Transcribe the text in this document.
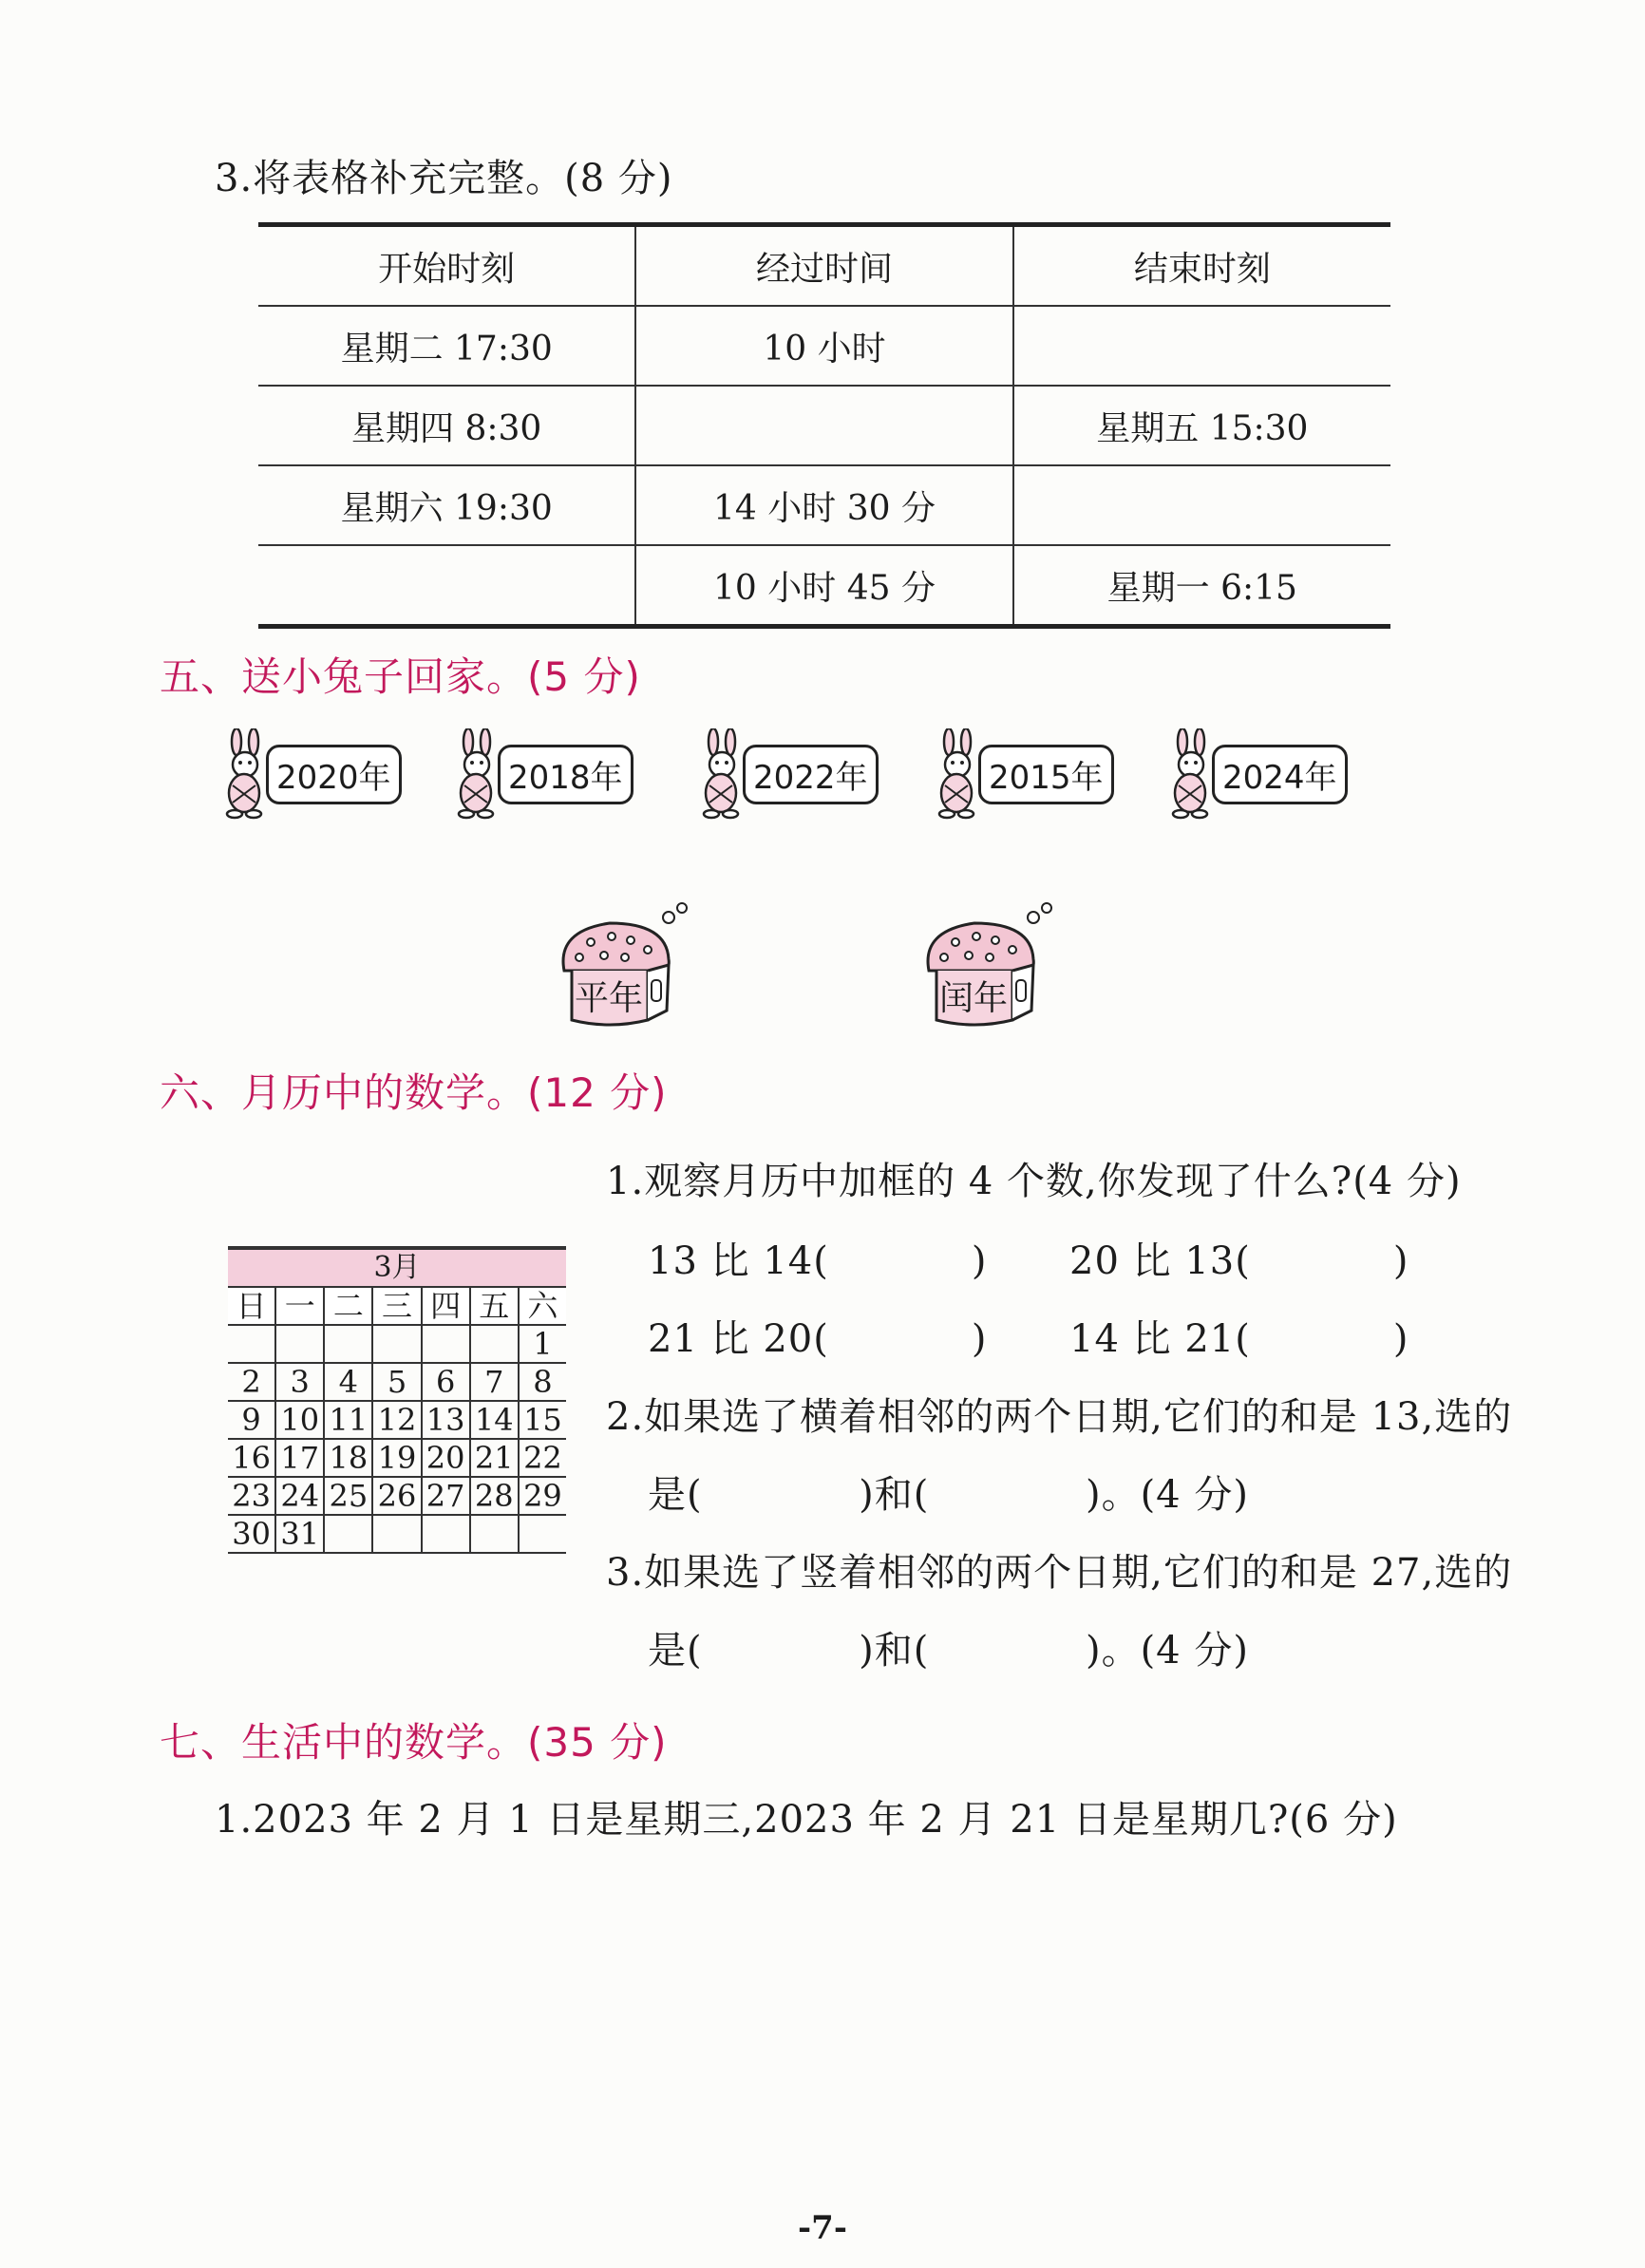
3.将表格补充完整。(8 分)
开始时刻	经过时间	结束时刻
星期二 17:30	10 小时	
星期四 8:30		星期五 15:30
星期六 19:30	14 小时 30 分	
	10 小时 45 分	星期一 6:15
五、送小兔子回家。(5 分)
2020年	2018年	2022年	2015年	2024年
平年	闰年
六、月历中的数学。(12 分)
3月						
日	一	二	三	四	五	六
						1
2	3	4	5	6	7	8
9	10	11	12	13	14	15
16	17	18	19	20	21	22
23	24	25	26	27	28	29
30	31					
1.观察月历中加框的 4 个数,你发现了什么?(4 分)
13 比 14(	) 20 比 13(	)
21 比 20(	) 14 比 21(	)
2.如果选了横着相邻的两个日期,它们的和是 13,选的
是(            )和(            )。(4 分)
3.如果选了竖着相邻的两个日期,它们的和是 27,选的
是(            )和(            )。(4 分)
七、生活中的数学。(35 分)
1.2023 年 2 月 1 日是星期三,2023 年 2 月 21 日是星期几?(6 分)
-7-
